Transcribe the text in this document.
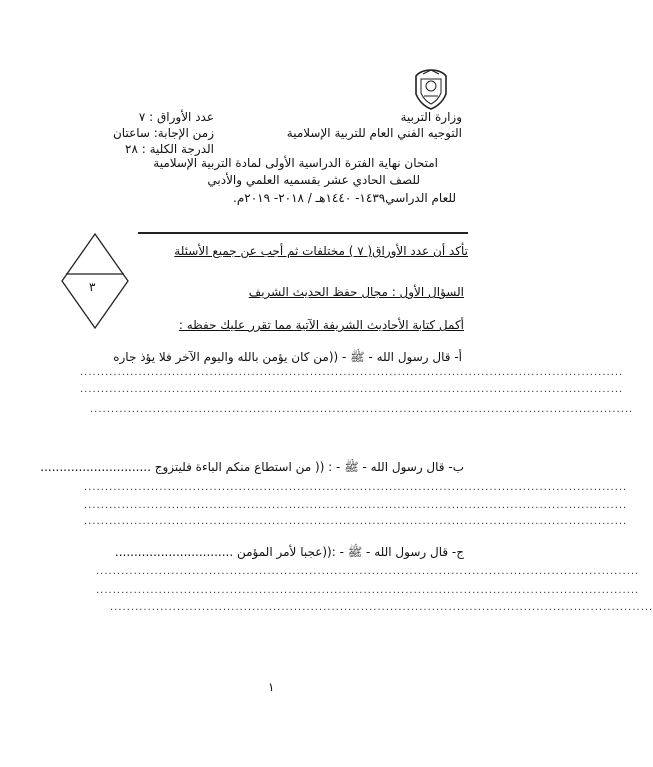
وزارة التربية
التوجيه الفني العام للتربية الإسلامية
عدد الأوراق : ٧
زمن الإجابة: ساعتان
الدرجة الكلية : ٢٨
امتحان نهاية الفترة الدراسية الأولى لمادة التربية الإسلامية
للصف الحادي عشر بقسميه العلمي والأدبي
للعام الدراسي١٤٣٩- ١٤٤٠هـ / ٢٠١٨- ٢٠١٩م.
تأكد أن عدد الأوراق( ٧ ) مختلفات ثم أجب عن جميع الأسئلة
٣	السؤال الأول : مجال حفظ الحديث الشريف
أكمل كتابة الأحاديث الشريفة الآتية مما تقرر عليك حفظه :
أ- قال رسول الله - ﷺ - ((من كان يؤمن بالله واليوم الآخر فلا يؤذ جاره
..................................................................................................................................
..................................................................................................................................
..................................................................................................................................
ب- قال رسول الله - ﷺ - : (( من استطاع منكم الباءة فليتزوج .............................
..................................................................................................................................
..................................................................................................................................
..................................................................................................................................
ج- قال رسول الله - ﷺ - :((عجبا لأمر المؤمن ...............................
..................................................................................................................................
..................................................................................................................................
..................................................................................................................................
١
